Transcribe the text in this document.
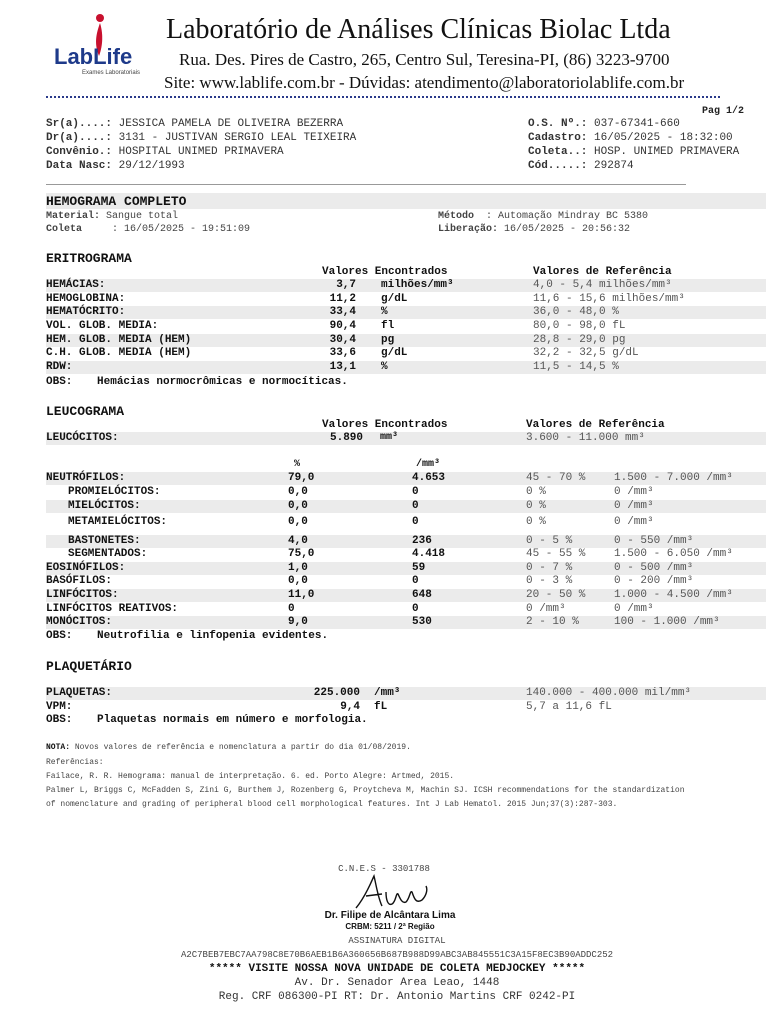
LabLife
Exames Laboratoriais
Laboratório de Análises Clínicas Biolac Ltda
Rua. Des. Pires de Castro, 265, Centro Sul, Teresina-PI, (86) 3223-9700
Site: www.lablife.com.br - Dúvidas: atendimento@laboratoriolablife.com.br
Pag 1/2
Sr(a)....: JESSICA PAMELA DE OLIVEIRA BEZERRA
Dr(a)....: 3131 - JUSTIVAN SERGIO LEAL TEIXEIRA
Convênio.: HOSPITAL UNIMED PRIMAVERA
Data Nasc: 29/12/1993
O.S. Nº.: 037-67341-660
Cadastro: 16/05/2025 - 18:32:00
Coleta..: HOSP. UNIMED PRIMAVERA
Cód.....: 292874
HEMOGRAMA COMPLETO
Material: Sangue total
Coleta	: 16/05/2025 - 19:51:09
Método : Automação Mindray BC 5380
Liberação: 16/05/2025 - 20:56:32
ERITROGRAMA
Valores Encontrados	Valores de Referência
HEMÁCIAS:	3,7 milhões/mm³	4,0 - 5,4 milhões/mm³
HEMOGLOBINA:	11,2 g/dL	11,6 - 15,6 milhões/mm³
HEMATÓCRITO:	33,4 %	36,0 - 48,0 %
VOL. GLOB. MEDIA:	90,4 fl	80,0 - 98,0 fL
HEM. GLOB. MEDIA (HEM)	30,4 pg	28,8 - 29,0 pg
C.H. GLOB. MEDIA (HEM)	33,6 g/dL	32,2 - 32,5 g/dL
RDW:	13,1 %	11,5 - 14,5 %
OBS: Hemácias normocrômicas e normocíticas.
LEUCOGRAMA
Valores Encontrados	Valores de Referência
LEUCÓCITOS:	5.890 mm³	3.600 - 11.000 mm³
%	/mm³
NEUTRÓFILOS:	79,0	4.653	45 - 70 %	1.500 - 7.000 /mm³
PROMIELÓCITOS:	0,0	0	0 %	0 /mm³
MIELÓCITOS:	0,0	0	0 %	0 /mm³
METAMIELÓCITOS:	0,0	0	0 %	0 /mm³
BASTONETES:	4,0	236	0 - 5 %	0 - 550 /mm³
SEGMENTADOS:	75,0	4.418	45 - 55 %	1.500 - 6.050 /mm³
EOSINÓFILOS:	1,0	59	0 - 7 %	0 - 500 /mm³
BASÓFILOS:	0,0	0	0 - 3 %	0 - 200 /mm³
LINFÓCITOS:	11,0	648	20 - 50 %	1.000 - 4.500 /mm³
LINFÓCITOS REATIVOS:	0	0	0 /mm³	0 /mm³
MONÓCITOS:	9,0	530	2 - 10 %	100 - 1.000 /mm³
OBS: Neutrofilia e linfopenia evidentes.
PLAQUETÁRIO
PLAQUETAS:	225.000 /mm³	140.000 - 400.000 mil/mm³
VPM:	9,4 fL	5,7 a 11,6 fL
OBS: Plaquetas normais em número e morfologia.
NOTA: Novos valores de referência e nomenclatura a partir do dia 01/08/2019.
Referências:
Failace, R. R. Hemograma: manual de interpretação. 6. ed. Porto Alegre: Artmed, 2015.
Palmer L, Briggs C, McFadden S, Zini G, Burthem J, Rozenberg G, Proytcheva M, Machin SJ. ICSH recommendations for the standardization
of nomenclature and grading of peripheral blood cell morphological features. Int J Lab Hematol. 2015 Jun;37(3):287-303.
C.N.E.S - 3301788
Dr. Filipe de Alcântara Lima
CRBM: 5211 / 2ª Região
ASSINATURA DIGITAL
A2C7BEB7EBC7AA798C8E70B6AEB1B6A360656B687B988D99ABC3AB845551C3A15F8EC3B90ADDC252
***** VISITE NOSSA NOVA UNIDADE DE COLETA MEDJOCKEY *****
Av. Dr. Senador Area Leao, 1448
Reg. CRF 086300-PI RT: Dr. Antonio Martins CRF 0242-PI
